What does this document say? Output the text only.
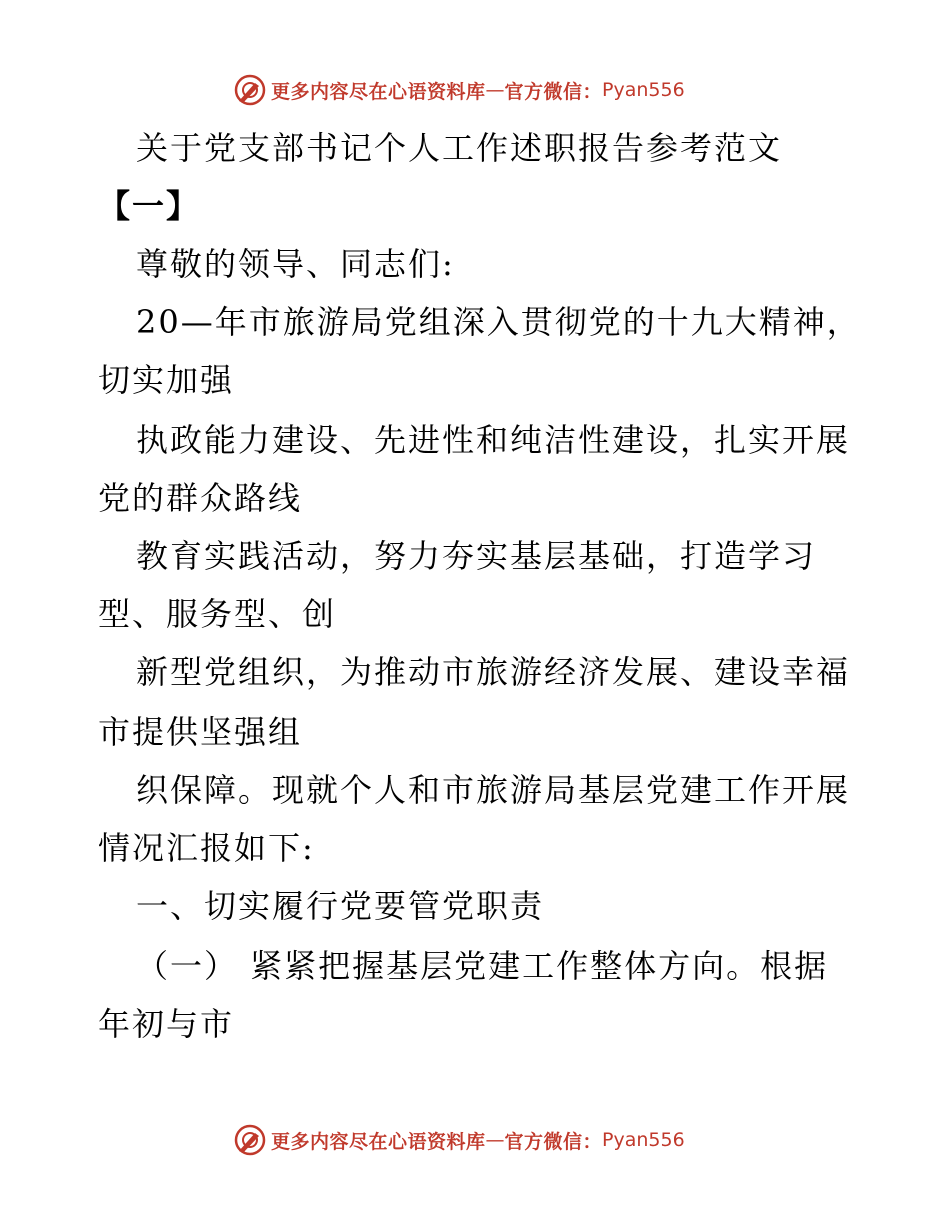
更多内容尽在心语资料库 — 官方微信： Pyan556
关于党支部书记个人工作述职报告参考范文
【一】
尊敬的领导、同志们:
20—年市旅游局党组深入贯彻党的十九大精神，
切实加强
执政能力建设、先进性和纯洁性建设，扎实开展
党的群众路线
教育实践活动，努力夯实基层基础，打造学习
型、服务型、创
新型党组织，为推动市旅游经济发展、建设幸福
市提供坚强组
织保障。现就个人和市旅游局基层党建工作开展
情况汇报如下:
一、切实履行党要管党职责
（一） 紧紧把握基层党建工作整体方向。根据
年初与市
更多内容尽在心语资料库 — 官方微信： Pyan556
